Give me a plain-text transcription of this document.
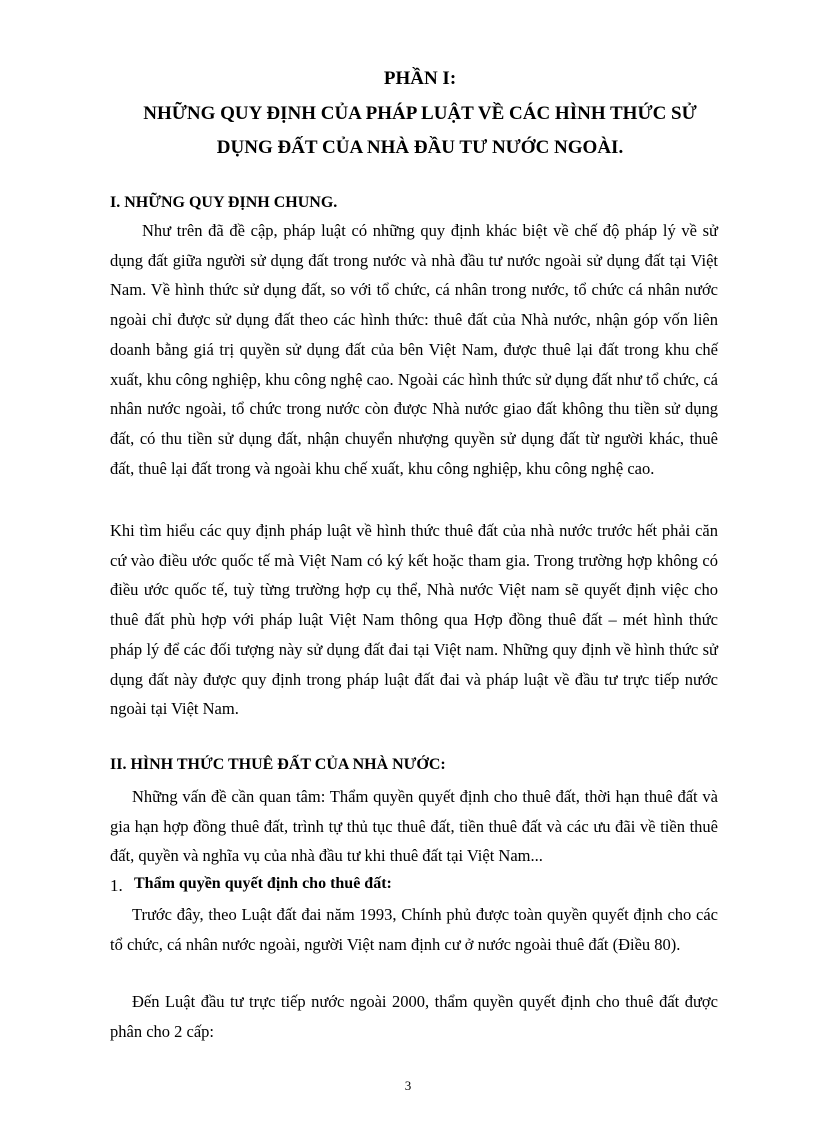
PHẦN I:

NHỮNG QUY ĐỊNH CỦA PHÁP LUẬT VỀ CÁC HÌNH THỨC SỬ

DỤNG ĐẤT CỦA NHÀ ĐẦU TƯ NƯỚC NGOÀI.

I. NHỮNG QUY ĐỊNH CHUNG.

Như trên đã đề cập, pháp luật có những quy định khác biệt về chế độ pháp lý về sử dụng đất giữa người sử dụng đất trong nước và nhà đầu tư nước ngoài sử dụng đất tại Việt Nam. Về hình thức sử dụng đất, so với tổ chức, cá nhân trong nước, tổ chức cá nhân nước ngoài chỉ được sử dụng đất theo các hình thức: thuê đất của Nhà nước, nhận góp vốn liên doanh bằng giá trị quyền sử dụng đất của bên Việt Nam, được thuê lại đất trong khu chế xuất, khu công nghiệp, khu công nghệ cao. Ngoài các hình thức sử dụng đất như tổ chức, cá nhân nước ngoài, tổ chức trong nước còn được Nhà nước giao đất không thu tiền sử dụng đất, có thu tiền sử dụng đất, nhận chuyển nhượng quyền sử dụng đất từ người khác, thuê đất, thuê lại đất trong và ngoài khu chế xuất, khu công nghiệp, khu công nghệ cao.

Khi tìm hiểu các quy định pháp luật về hình thức thuê đất của nhà nước trước hết phải căn cứ vào điều ước quốc tế mà Việt Nam có ký kết hoặc tham gia. Trong trường hợp không có điều ước quốc tế, tuỳ từng trường hợp cụ thể, Nhà nước Việt nam sẽ quyết định việc cho thuê đất phù hợp với pháp luật Việt Nam thông qua Hợp đồng thuê đất – mét hình thức pháp lý để các đối tượng này sử dụng đất đai tại Việt nam. Những quy định về hình thức sử dụng đất này được quy định trong pháp luật đất đai và pháp luật về đầu tư trực tiếp nước ngoài tại Việt Nam.

II. HÌNH THỨC THUÊ ĐẤT CỦA NHÀ NƯỚC:

Những vấn đề cần quan tâm: Thẩm quyền quyết định cho thuê đất, thời hạn thuê đất và gia hạn hợp đồng thuê đất, trình tự thủ tục thuê đất, tiền thuê đất và các ưu đãi về tiền thuê đất, quyền và nghĩa vụ của nhà đầu tư khi thuê đất tại Việt Nam...

1. Thẩm quyền quyết định cho thuê đất:

Trước đây, theo Luật đất đai năm 1993, Chính phủ được toàn quyền quyết định cho các tổ chức, cá nhân nước ngoài, người Việt nam định cư ở nước ngoài thuê đất (Điều 80).

Đến Luật đầu tư trực tiếp nước ngoài 2000, thẩm quyền quyết định cho thuê đất được phân cho 2 cấp:

3
